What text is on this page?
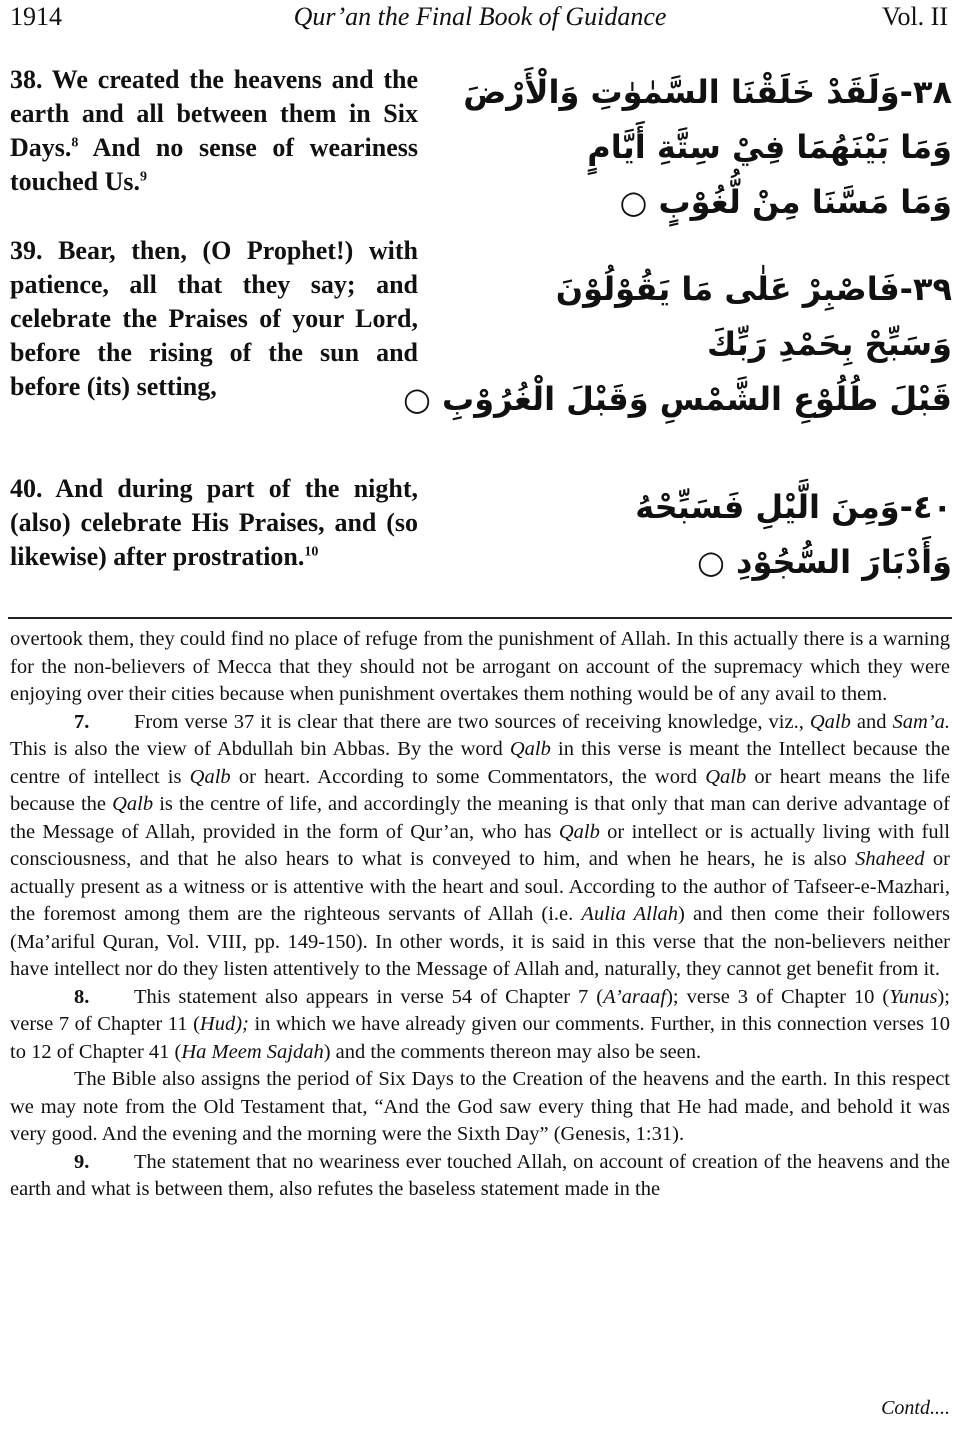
1914	Qur’an the Final Book of Guidance	Vol. II
38. We created the heavens and the earth and all between them in Six Days.$^8$ And no sense of weariness touched Us.$^9$
٣٨-وَلَقَدْ خَلَقْنَا السَّمٰوٰتِ وَالْأَرْضَ
وَمَا بَيْنَهُمَا فِيْ سِتَّةِ أَيَّامٍ
وَمَا مَسَّنَا مِنْ لُّغُوْبٍ ○
39. Bear, then, (O Prophet!) with patience, all that they say; and celebrate the Praises of your Lord, before the rising of the sun and before (its) setting,
٣٩-فَاصْبِرْ عَلٰى مَا يَقُوْلُوْنَ
وَسَبِّحْ بِحَمْدِ رَبِّكَ
قَبْلَ طُلُوْعِ الشَّمْسِ وَقَبْلَ الْغُرُوْبِ ○
40. And during part of the night, (also) celebrate His Praises, and (so likewise) after prostration.$^{10}$
٤٠-وَمِنَ الَّيْلِ فَسَبِّحْهُ
وَأَدْبَارَ السُّجُوْدِ ○

overtook them, they could find no place of refuge from the punishment of Allah. In this actually there is a warning for the non-believers of Mecca that they should not be arrogant on account of the supremacy which they were enjoying over their cities because when punishment overtakes them nothing would be of any avail to them.

7. From verse 37 it is clear that there are two sources of receiving knowledge, viz., Qalb and Sam’a. This is also the view of Abdullah bin Abbas. By the word Qalb in this verse is meant the Intellect because the centre of intellect is Qalb or heart. According to some Commentators, the word Qalb or heart means the life because the Qalb is the centre of life, and accordingly the meaning is that only that man can derive advantage of the Message of Allah, provided in the form of Qur’an, who has Qalb or intellect or is actually living with full consciousness, and that he also hears to what is conveyed to him, and when he hears, he is also Shaheed or actually present as a witness or is attentive with the heart and soul. According to the author of Tafseer-e-Mazhari, the foremost among them are the righteous servants of Allah (i.e. Aulia Allah) and then come their followers (Ma’ariful Quran, Vol. VIII, pp. 149-150). In other words, it is said in this verse that the non-believers neither have intellect nor do they listen attentively to the Message of Allah and, naturally, they cannot get benefit from it.

8. This statement also appears in verse 54 of Chapter 7 (A’araaf); verse 3 of Chapter 10 (Yunus); verse 7 of Chapter 11 (Hud); in which we have already given our comments. Further, in this connection verses 10 to 12 of Chapter 41 (Ha Meem Sajdah) and the comments thereon may also be seen.

The Bible also assigns the period of Six Days to the Creation of the heavens and the earth. In this respect we may note from the Old Testament that, “And the God saw every thing that He had made, and behold it was very good. And the evening and the morning were the Sixth Day” (Genesis, 1:31).

9. The statement that no weariness ever touched Allah, on account of creation of the heavens and the earth and what is between them, also refutes the baseless statement made in the

Contd....
